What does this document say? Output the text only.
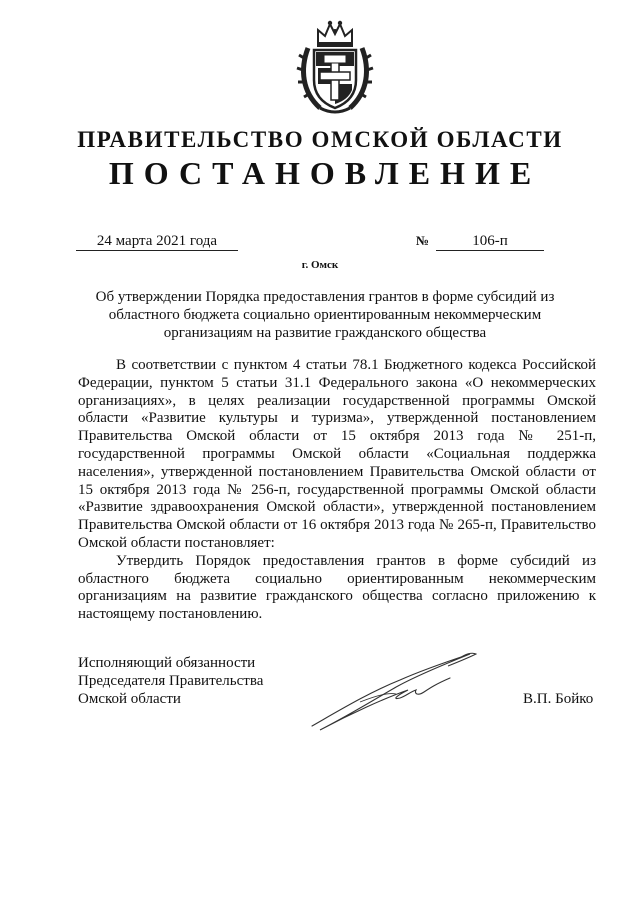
ПРАВИТЕЛЬСТВО ОМСКОЙ ОБЛАСТИ
ПОСТАНОВЛЕНИЕ
24 марта 2021 года	№	106-п
г. Омск
Об утверждении Порядка предоставления грантов в форме субсидий из областного бюджета социально ориентированным некоммерческим организациям на развитие гражданского общества

В соответствии с пунктом 4 статьи 78.1 Бюджетного кодекса Российской Федерации, пунктом 5 статьи 31.1 Федерального закона «О некоммерческих организациях», в целях реализации государственной программы Омской области «Развитие культуры и туризма», утвержденной постановлением Правительства Омской области от 15 октября 2013 года № 251-п, государственной программы Омской области «Социальная поддержка населения», утвержденной постановлением Правительства Омской области от 15 октября 2013 года № 256-п, государственной программы Омской области «Развитие здравоохранения Омской области», утвержденной постановлением Правительства Омской области от 16 октября 2013 года № 265-п, Правительство Омской области постановляет:

Утвердить Порядок предоставления грантов в форме субсидий из областного бюджета социально ориентированным некоммерческим организациям на развитие гражданского общества согласно приложению к настоящему постановлению.

Исполняющий обязанности
Председателя Правительства
Омской области	В.П. Бойко
